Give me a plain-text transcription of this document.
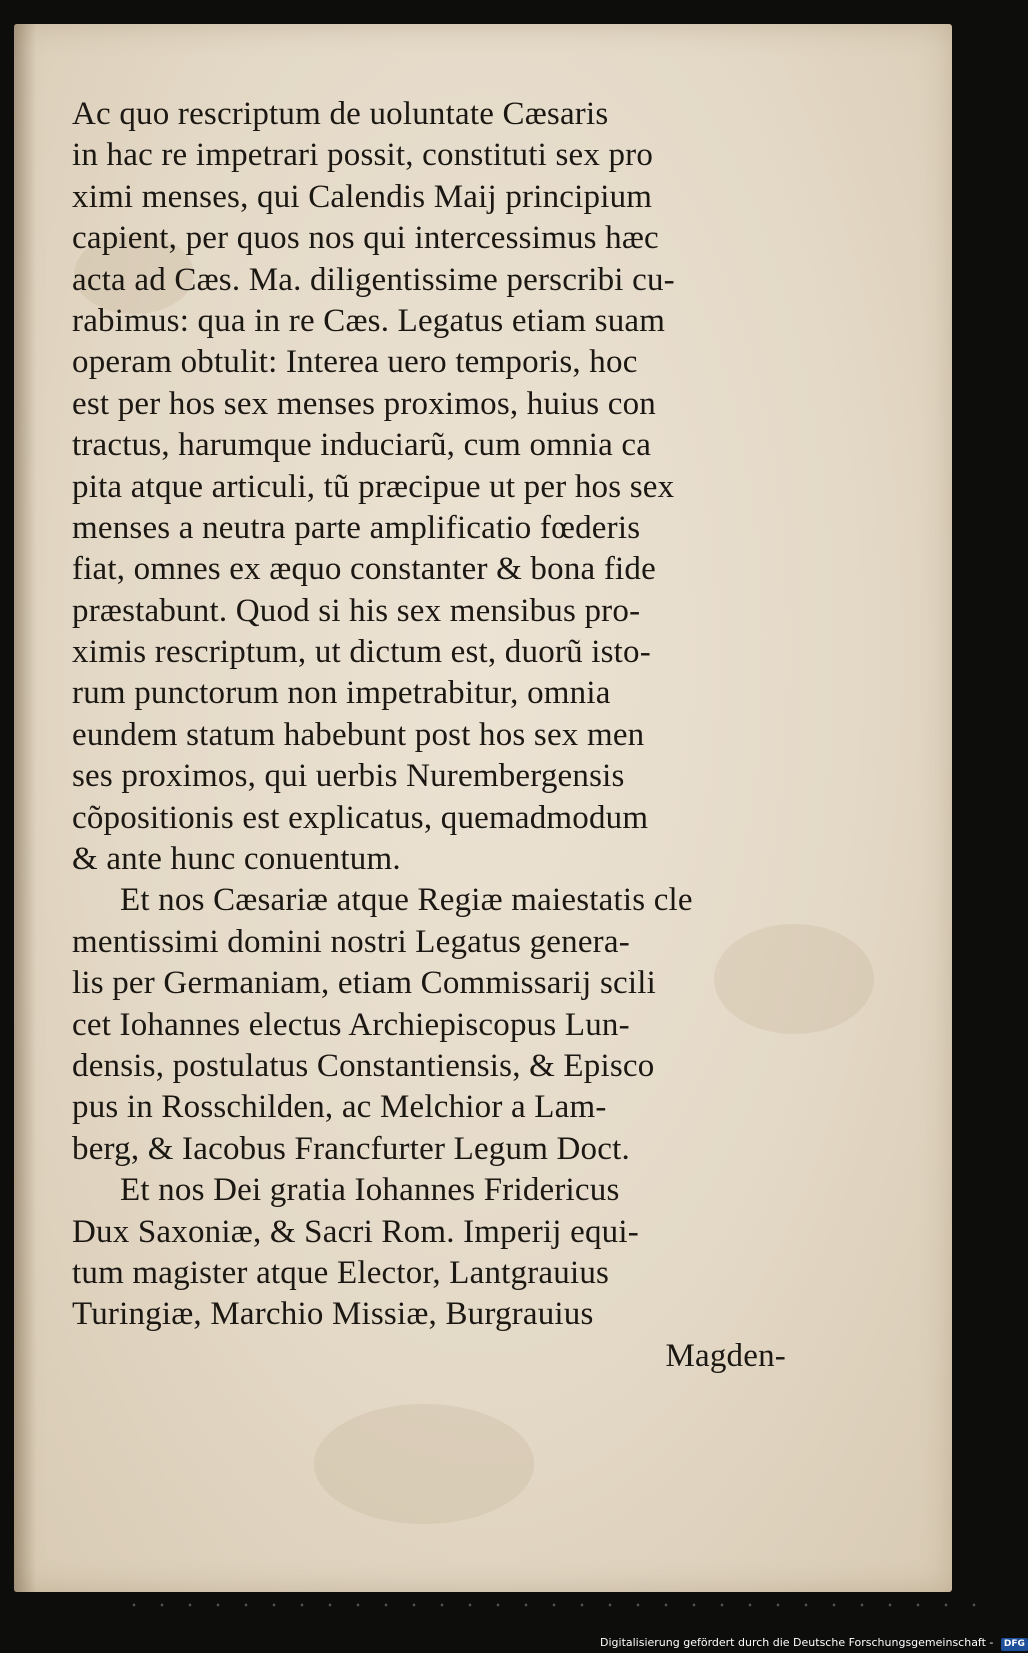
Ac quo rescriptum de uoluntate Cæsaris
in hac re impetrari possit, constituti sex pro
ximi menses, qui Calendis Maij principium
capient, per quos nos qui intercessimus hæc
acta ad Cæs. Ma. diligentissime perscribi cu-
rabimus: qua in re Cæs. Legatus etiam suam
operam obtulit: Interea uero temporis, hoc
est per hos sex menses proximos, huius con
tractus, harumque induciarũ, cum omnia ca
pita atque articuli, tũ præcipue ut per hos sex
menses a neutra parte amplificatio fœderis
fiat, omnes ex æquo constanter & bona fide
præstabunt. Quod si his sex mensibus pro-
ximis rescriptum, ut dictum est, duorũ isto-
rum punctorum non impetrabitur, omnia
eundem statum habebunt post hos sex men
ses proximos, qui uerbis Nurembergensis
cõpositionis est explicatus, quemadmodum
& ante hunc conuentum.
Et nos Cæsariæ atque Regiæ maiestatis cle
mentissimi domini nostri Legatus genera-
lis per Germaniam, etiam Commissarij scili
cet Iohannes electus Archiepiscopus Lun-
densis, postulatus Constantiensis, & Episco
pus in Rosschilden, ac Melchior a Lam-
berg, & Iacobus Francfurter Legum Doct.
Et nos Dei gratia Iohannes Fridericus
Dux Saxoniæ, & Sacri Rom. Imperij equi-
tum magister atque Elector, Lantgrauius
Turingiæ, Marchio Missiæ, Burgrauius
Magden-
Digitalisierung gefördert durch die Deutsche Forschungsgemeinschaft - DFG
